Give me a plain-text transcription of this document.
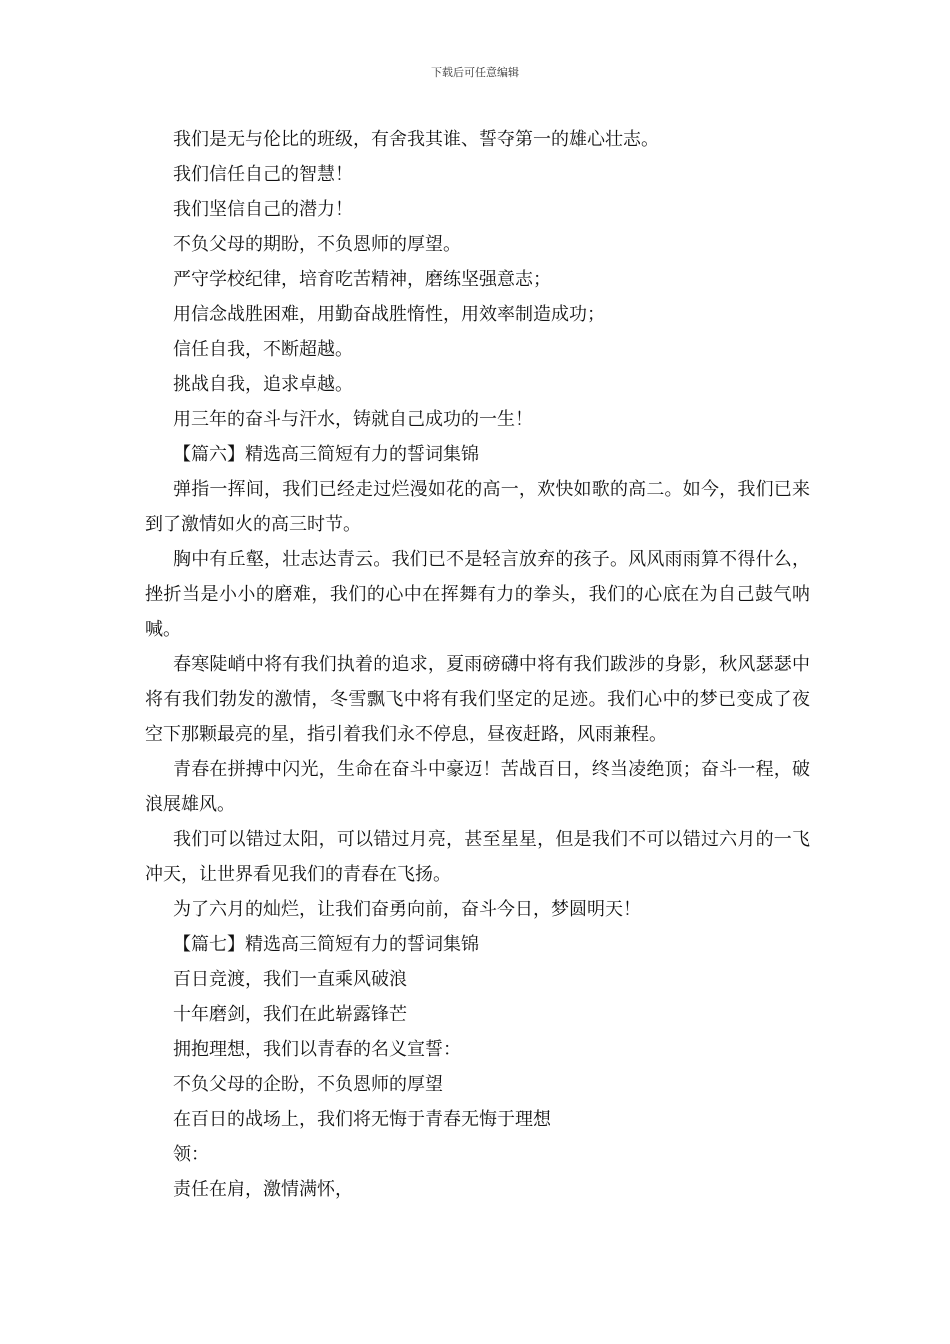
下载后可任意编辑

我们是无与伦比的班级，有舍我其谁、誓夺第一的雄心壮志。

我们信任自己的智慧！

我们坚信自己的潜力！

不负父母的期盼，不负恩师的厚望。

严守学校纪律，培育吃苦精神，磨练坚强意志；

用信念战胜困难，用勤奋战胜惰性，用效率制造成功；

信任自我，不断超越。

挑战自我，追求卓越。

用三年的奋斗与汗水，铸就自己成功的一生！

【篇六】精选高三简短有力的誓词集锦

弹指一挥间，我们已经走过烂漫如花的高一，欢快如歌的高二。如今，我们已来到了激情如火的高三时节。

胸中有丘壑，壮志达青云。我们已不是轻言放弃的孩子。风风雨雨算不得什么，挫折当是小小的磨难，我们的心中在挥舞有力的拳头，我们的心底在为自己鼓气呐喊。

春寒陡峭中将有我们执着的追求，夏雨磅礴中将有我们跋涉的身影，秋风瑟瑟中将有我们勃发的激情，冬雪飘飞中将有我们坚定的足迹。我们心中的梦已变成了夜空下那颗最亮的星，指引着我们永不停息，昼夜赶路，风雨兼程。

青春在拼搏中闪光，生命在奋斗中豪迈！苦战百日，终当凌绝顶；奋斗一程，破浪展雄风。

我们可以错过太阳，可以错过月亮，甚至星星，但是我们不可以错过六月的一飞冲天，让世界看见我们的青春在飞扬。

为了六月的灿烂，让我们奋勇向前，奋斗今日，梦圆明天！

【篇七】精选高三简短有力的誓词集锦

百日竞渡，我们一直乘风破浪

十年磨剑，我们在此崭露锋芒

拥抱理想，我们以青春的名义宣誓：

不负父母的企盼，不负恩师的厚望

在百日的战场上，我们将无悔于青春无悔于理想

领：

责任在肩，激情满怀，
